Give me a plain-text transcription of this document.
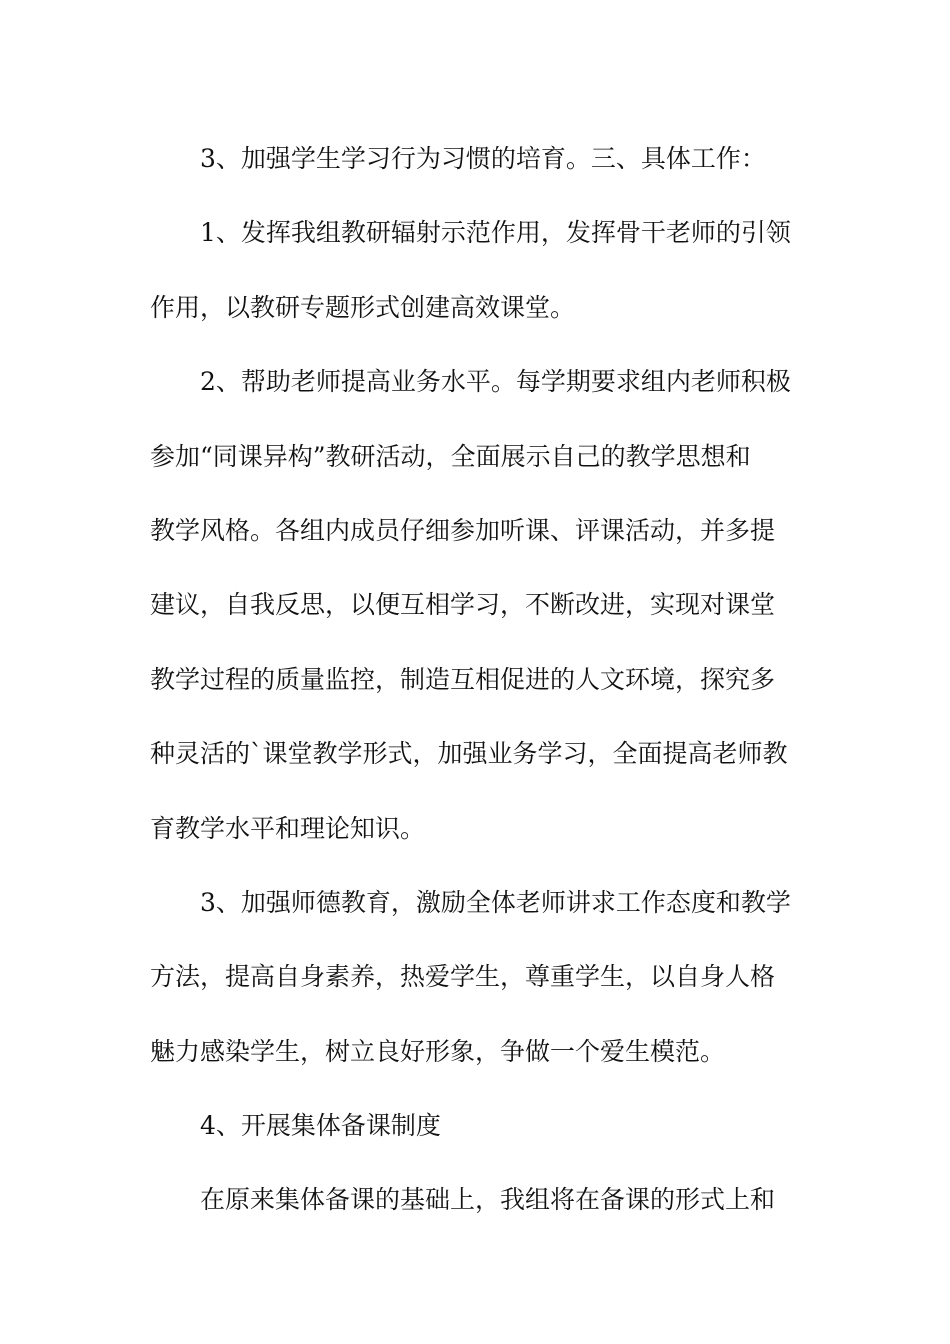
3、加强学生学习行为习惯的培育。三、具体工作：
1、发挥我组教研辐射示范作用，发挥骨干老师的引领
作用，以教研专题形式创建高效课堂。
2、帮助老师提高业务水平。每学期要求组内老师积极
参加“同课异构”教研活动，全面展示自己的教学思想和
教学风格。各组内成员仔细参加听课、评课活动，并多提
建议，自我反思，以便互相学习，不断改进，实现对课堂
教学过程的质量监控，制造互相促进的人文环境，探究多
种灵活的`课堂教学形式，加强业务学习，全面提高老师教
育教学水平和理论知识。
3、加强师德教育，激励全体老师讲求工作态度和教学
方法，提高自身素养，热爱学生，尊重学生，以自身人格
魅力感染学生，树立良好形象，争做一个爱生模范。
4、开展集体备课制度
在原来集体备课的基础上，我组将在备课的形式上和
